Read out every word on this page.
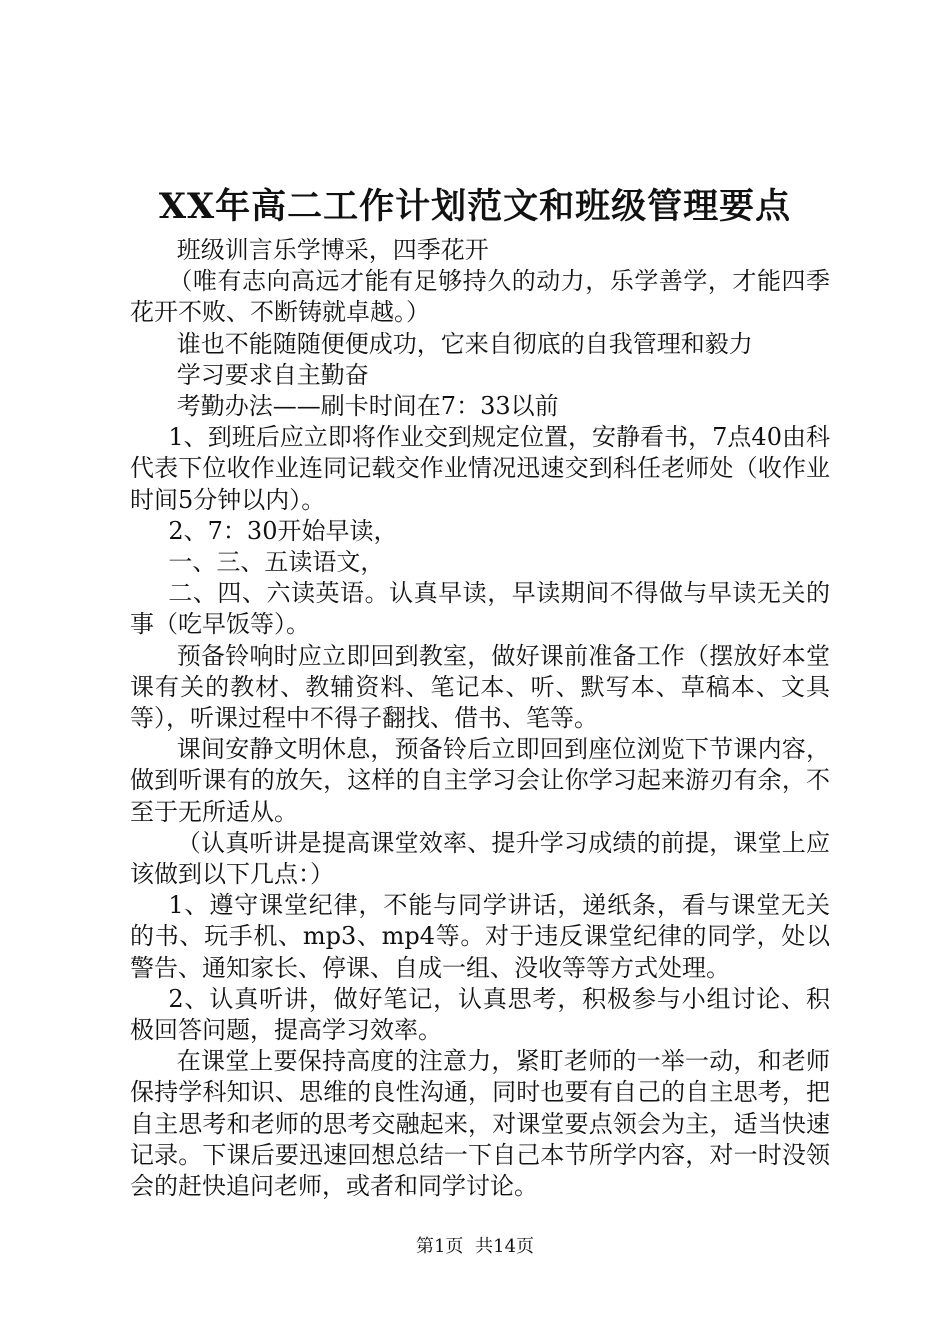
XX年高二工作计划范文和班级管理要点

班级训言乐学博采，四季花开

（唯有志向高远才能有足够持久的动力，乐学善学，才能四季花开不败、不断铸就卓越。）

谁也不能随随便便成功，它来自彻底的自我管理和毅力

学习要求自主勤奋

考勤办法——刷卡时间在7：33以前

1、到班后应立即将作业交到规定位置，安静看书，7点40由科代表下位收作业连同记载交作业情况迅速交到科任老师处（收作业时间5分钟以内）。

2、7：30开始早读，

一、三、五读语文，

二、四、六读英语。认真早读，早读期间不得做与早读无关的事（吃早饭等）。

预备铃响时应立即回到教室，做好课前准备工作（摆放好本堂课有关的教材、教辅资料、笔记本、听、默写本、草稿本、文具等），听课过程中不得子翻找、借书、笔等。

课间安静文明休息，预备铃后立即回到座位浏览下节课内容，做到听课有的放矢，这样的自主学习会让你学习起来游刃有余，不至于无所适从。

（认真听讲是提高课堂效率、提升学习成绩的前提，课堂上应该做到以下几点：）

1、遵守课堂纪律，不能与同学讲话，递纸条，看与课堂无关的书、玩手机、mp3、mp4等。对于违反课堂纪律的同学，处以警告、通知家长、停课、自成一组、没收等等方式处理。

2、认真听讲，做好笔记，认真思考，积极参与小组讨论、积极回答问题，提高学习效率。

在课堂上要保持高度的注意力，紧盯老师的一举一动，和老师保持学科知识、思维的良性沟通，同时也要有自己的自主思考，把自主思考和老师的思考交融起来，对课堂要点领会为主，适当快速记录。下课后要迅速回想总结一下自己本节所学内容，对一时没领会的赶快追问老师，或者和同学讨论。

第1页 共14页
